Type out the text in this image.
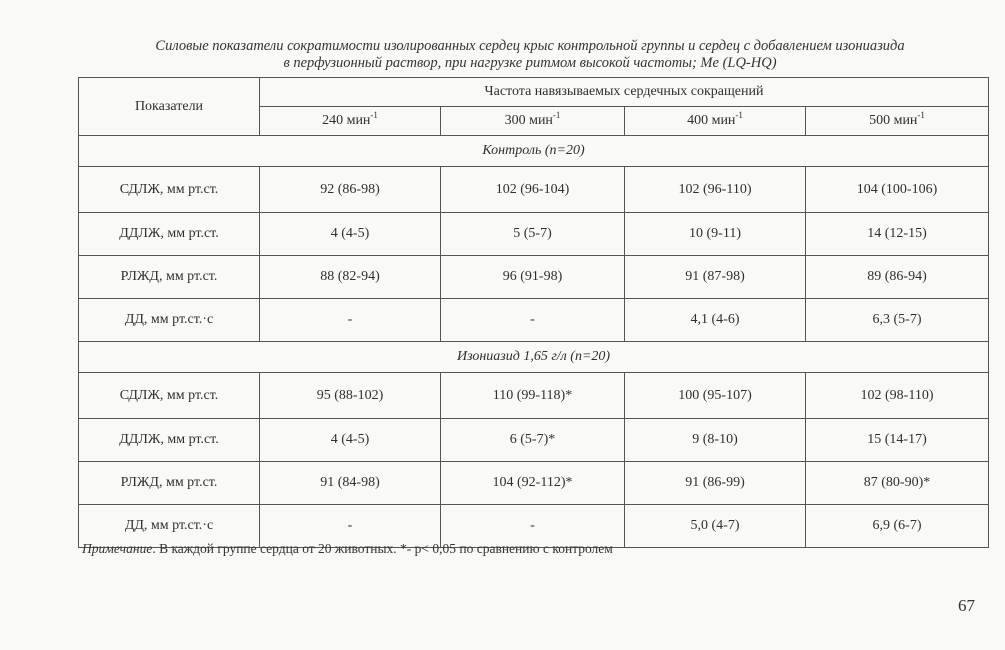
Силовые показатели сократимости изолированных сердец крыс контрольной группы и сердец с добавлением изониазида
в перфузионный раствор, при нагрузке ритмом высокой частоты; Me (LQ-HQ)
Показатели	Частота навязываемых сердечных сокращений			
	240 мин$^{-1}$	300 мин$^{-1}$	400 мин$^{-1}$	500 мин$^{-1}$
Контроль (n=20)				
СДЛЖ, мм рт.ст.	92 (86-98)	102 (96-104)	102 (96-110)	104 (100-106)
ДДЛЖ, мм рт.ст.	4 (4-5)	5 (5-7)	10 (9-11)	14 (12-15)
РЛЖД, мм рт.ст.	88 (82-94)	96 (91-98)	91 (87-98)	89 (86-94)
ДД, мм рт.ст.·с	-	-	4,1 (4-6)	6,3 (5-7)
Изониазид 1,65 г/л (n=20)				
СДЛЖ, мм рт.ст.	95 (88-102)	110 (99-118)*	100 (95-107)	102 (98-110)
ДДЛЖ, мм рт.ст.	4 (4-5)	6 (5-7)*	9 (8-10)	15 (14-17)
РЛЖД, мм рт.ст.	91 (84-98)	104 (92-112)*	91 (86-99)	87 (80-90)*
ДД, мм рт.ст.·с	-	-	5,0 (4-7)	6,9 (6-7)
Примечание. В каждой группе сердца от 20 животных. *- р< 0,05 по сравнению с контролем
67
